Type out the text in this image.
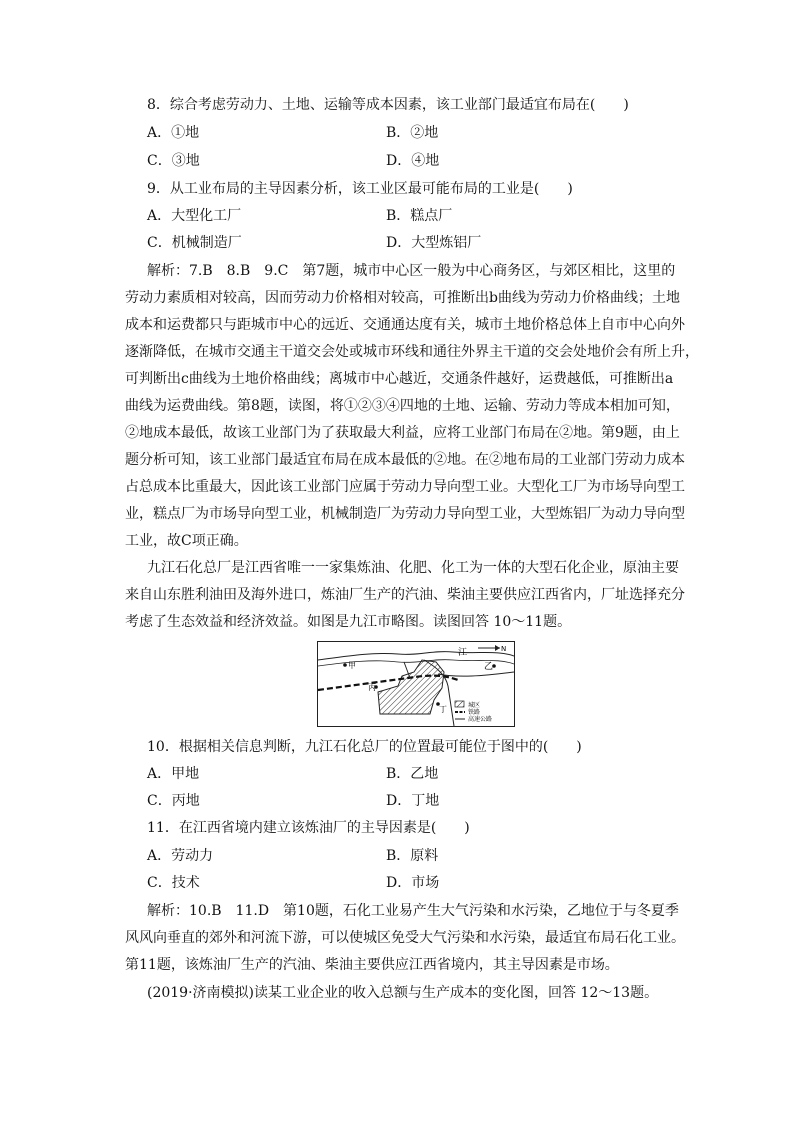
8．综合考虑劳动力、土地、运输等成本因素，该工业部门最适宜布局在(　　)
A．①地	B．②地
C．③地	D．④地
9．从工业布局的主导因素分析，该工业区最可能布局的工业是(　　)
A．大型化工厂	B．糕点厂
C．机械制造厂	D．大型炼铝厂
解析：7.B　8.B　9.C　第7题，城市中心区一般为中心商务区，与郊区相比，这里的
劳动力素质相对较高，因而劳动力价格相对较高，可推断出b曲线为劳动力价格曲线；土地
成本和运费都只与距城市中心的远近、交通通达度有关，城市土地价格总体上自市中心向外
逐渐降低，在城市交通主干道交会处或城市环线和通往外界主干道的交会处地价会有所上升，
可判断出c曲线为土地价格曲线；离城市中心越近，交通条件越好，运费越低，可推断出a
曲线为运费曲线。第8题，读图，将①②③④四地的土地、运输、劳动力等成本相加可知，
②地成本最低，故该工业部门为了获取最大利益，应将工业部门布局在②地。第9题，由上
题分析可知，该工业部门最适宜布局在成本最低的②地。在②地布局的工业部门劳动力成本
占总成本比重最大，因此该工业部门应属于劳动力导向型工业。大型化工厂为市场导向型工
业，糕点厂为市场导向型工业，机械制造厂为劳动力导向型工业，大型炼铝厂为动力导向型
工业，故C项正确。
九江石化总厂是江西省唯一一家集炼油、化肥、化工为一体的大型石化企业，原油主要
来自山东胜利油田及海外进口，炼油厂生产的汽油、柴油主要供应江西省内，厂址选择充分
考虑了生态效益和经济效益。如图是九江市略图。读图回答 10～11题。
甲
丙
乙
丁
江	N
城区
铁路
高速公路
10．根据相关信息判断，九江石化总厂的位置最可能位于图中的(　　)
A．甲地	B．乙地
C．丙地	D．丁地
11．在江西省境内建立该炼油厂的主导因素是(　　)
A．劳动力	B．原料
C．技术	D．市场
解析：10.B　11.D　第10题，石化工业易产生大气污染和水污染，乙地位于与冬夏季
风风向垂直的郊外和河流下游，可以使城区免受大气污染和水污染，最适宜布局石化工业。
第11题，该炼油厂生产的汽油、柴油主要供应江西省境内，其主导因素是市场。
(2019·济南模拟)读某工业企业的收入总额与生产成本的变化图，回答 12～13题。
